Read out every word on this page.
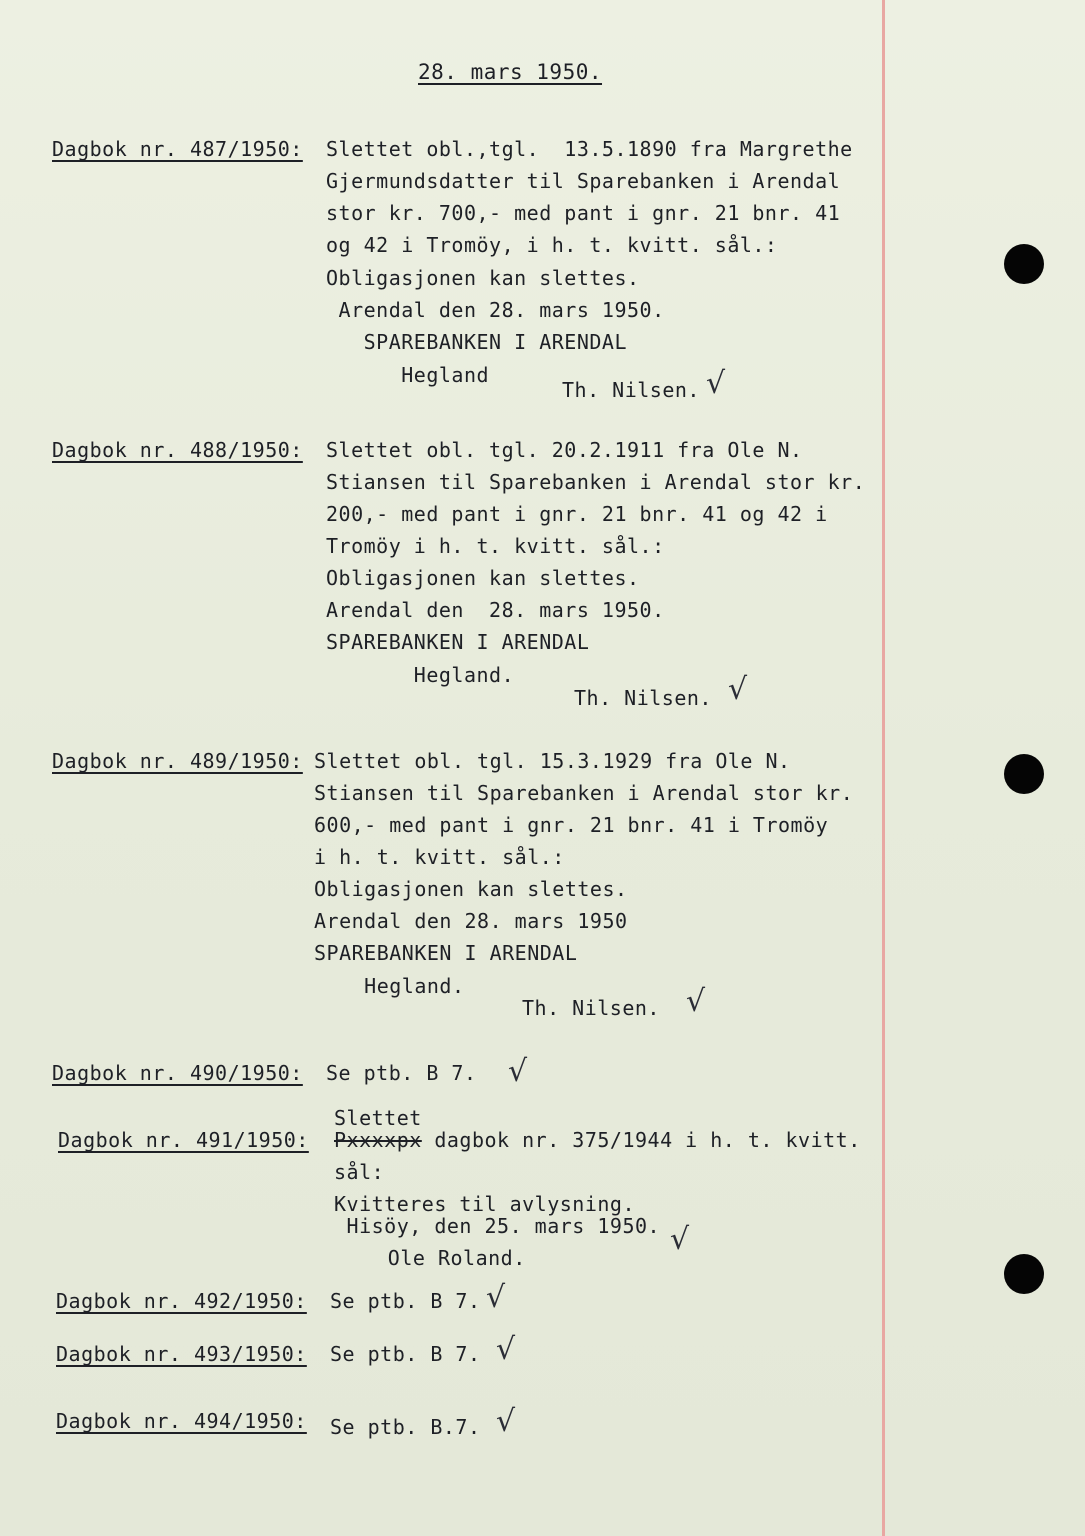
28. mars 1950.
Dagbok nr. 487/1950: Slettet obl.,tgl.  13.5.1890 fra Margrethe
Gjermundsdatter til Sparebanken i Arendal
stor kr. 700,- med pant i gnr. 21 bnr. 41
og 42 i Tromöy, i h. t. kvitt. sål.:
Obligasjonen kan slettes.
Arendal den 28. mars 1950.
SPAREBANKEN I ARENDAL
Hegland
Th. Nilsen. √
Dagbok nr. 488/1950: Slettet obl. tgl. 20.2.1911 fra Ole N.
Stiansen til Sparebanken i Arendal stor kr.
200,- med pant i gnr. 21 bnr. 41 og 42 i
Tromöy i h. t. kvitt. sål.:
Obligasjonen kan slettes.
Arendal den  28. mars 1950.
SPAREBANKEN I ARENDAL
Hegland.
Th. Nilsen. √
Dagbok nr. 489/1950: Slettet obl. tgl. 15.3.1929 fra Ole N.
Stiansen til Sparebanken i Arendal stor kr.
600,- med pant i gnr. 21 bnr. 41 i Tromöy
i h. t. kvitt. sål.:
Obligasjonen kan slettes.
Arendal den 28. mars 1950
SPAREBANKEN I ARENDAL
Hegland.
Th. Nilsen. √
Dagbok nr. 490/1950: Se ptb. B 7. √
Slettet
Dagbok nr. 491/1950: Pxxxxpx dagbok nr. 375/1944 i h. t. kvitt.
sål:
Kvitteres til avlysning.
Hisöy, den 25. mars 1950.
Ole Roland.
√
Dagbok nr. 492/1950: Se ptb. B 7. √
Dagbok nr. 493/1950: Se ptb. B 7. √
Dagbok nr. 494/1950: Se ptb. B.7. √
